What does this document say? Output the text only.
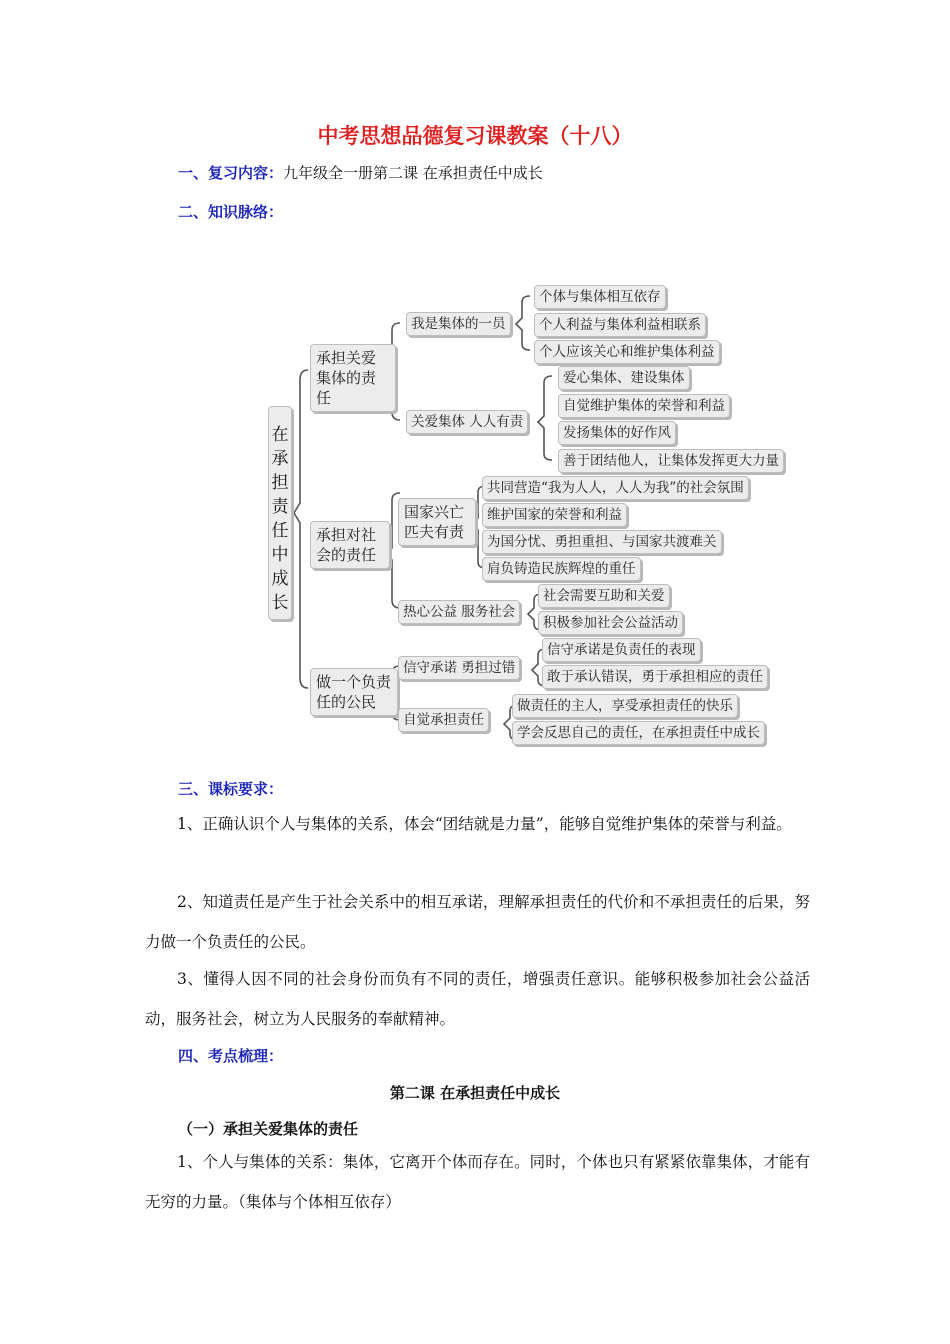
中考思想品德复习课教案（十八）
一、复习内容：九年级全一册第二课 在承担责任中成长
二、知识脉络：
在
承
担
责
任
中
成
长
承担关爱集体的责任
承担对社会的责任
做一个负责任的公民
我是集体的一员
关爱集体 人人有责
国家兴亡匹夫有责
热心公益 服务社会
信守承诺 勇担过错
自觉承担责任
个体与集体相互依存
个人利益与集体利益相联系
个人应该关心和维护集体利益
爱心集体、建设集体
自觉维护集体的荣誉和利益
发扬集体的好作风
善于团结他人，让集体发挥更大力量
共同营造“我为人人，人人为我”的社会氛围
维护国家的荣誉和利益
为国分忧、勇担重担、与国家共渡难关
肩负铸造民族辉煌的重任
社会需要互助和关爱
积极参加社会公益活动
信守承诺是负责任的表现
敢于承认错误，勇于承担相应的责任
做责任的主人，享受承担责任的快乐
学会反思自己的责任，在承担责任中成长
三、课标要求：

1、正确认识个人与集体的关系，体会“团结就是力量”，能够自觉维护集体的荣誉与利益。

2、知道责任是产生于社会关系中的相互承诺，理解承担责任的代价和不承担责任的后果，努力做一个负责任的公民。

3、懂得人因不同的社会身份而负有不同的责任，增强责任意识。能够积极参加社会公益活动，服务社会，树立为人民服务的奉献精神。

四、考点梳理：
第二课 在承担责任中成长
（一）承担关爱集体的责任

1、个人与集体的关系：集体，它离开个体而存在。同时，个体也只有紧紧依靠集体，才能有无穷的力量。（集体与个体相互依存）
